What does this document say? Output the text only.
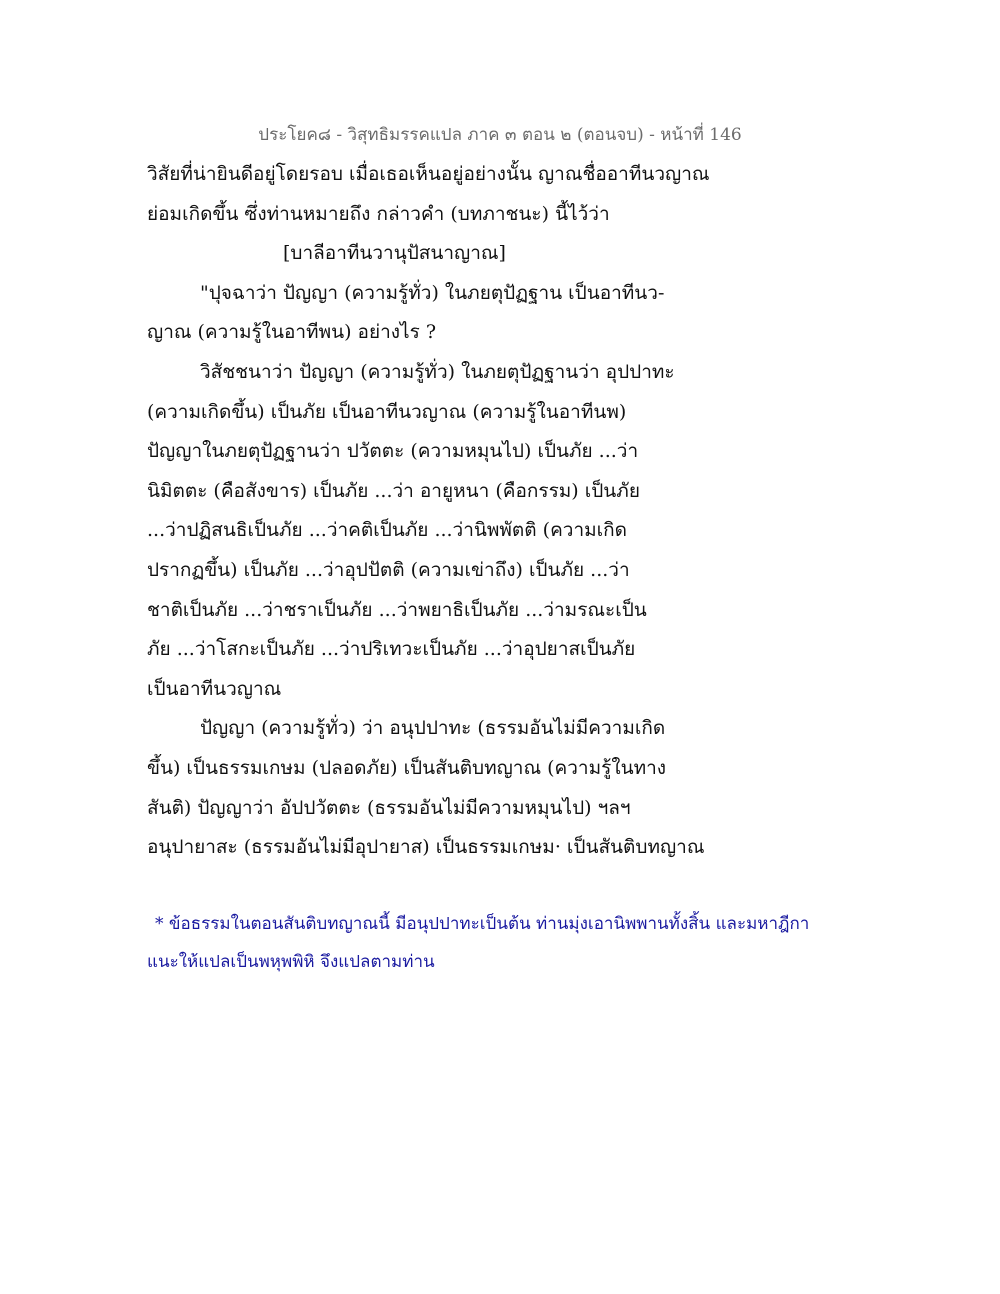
ประโยค๘ - วิสุทธิมรรคแปล ภาค ๓ ตอน ๒ (ตอนจบ) - หน้าที่ 146
วิสัยที่น่ายินดีอยู่โดยรอบ เมื่อเธอเห็นอยู่อย่างนั้น ญาณชื่ออาทีนวญาณ
ย่อมเกิดขึ้น ซึ่งท่านหมายถึง กล่าวคำ (บทภาชนะ) นี้ไว้ว่า
[บาลีอาทีนวานุปัสนาญาณ]
"ปุจฉาว่า ปัญญา (ความรู้ทั่ว) ในภยตุปัฏฐาน เป็นอาทีนว-
ญาณ (ความรู้ในอาทีพน) อย่างไร ?
วิสัชชนาว่า ปัญญา (ความรู้ทั่ว) ในภยตุปัฏฐานว่า อุปปาทะ
(ความเกิดขึ้น) เป็นภัย เป็นอาทีนวญาณ (ความรู้ในอาทีนพ)
ปัญญาในภยตุปัฏฐานว่า ปวัตตะ (ความหมุนไป) เป็นภัย ...ว่า
นิมิตตะ (คือสังขาร) เป็นภัย ...ว่า อายูหนา (คือกรรม) เป็นภัย
...ว่าปฏิสนธิเป็นภัย ...ว่าคติเป็นภัย ...ว่านิพพัตติ (ความเกิด
ปรากฏขึ้น) เป็นภัย ...ว่าอุปปัตติ (ความเข่าถึง) เป็นภัย ...ว่า
ชาติเป็นภัย ...ว่าชราเป็นภัย ...ว่าพยาธิเป็นภัย ...ว่ามรณะเป็น
ภัย ...ว่าโสกะเป็นภัย ...ว่าปริเทวะเป็นภัย ...ว่าอุปยาสเป็นภัย
เป็นอาทีนวญาณ
ปัญญา (ความรู้ทั่ว) ว่า อนุปปาทะ (ธรรมอันไม่มีความเกิด
ขึ้น) เป็นธรรมเกษม (ปลอดภัย) เป็นสันติบทญาณ (ความรู้ในทาง
สันติ) ปัญญาว่า อัปปวัตตะ (ธรรมอันไม่มีความหมุนไป) ฯลฯ
อนุปายาสะ (ธรรมอันไม่มีอุปายาส) เป็นธรรมเกษม· เป็นสันติบทญาณ
* ข้อธรรมในตอนสันติบทญาณนี้ มีอนุปปาทะเป็นต้น ท่านมุ่งเอานิพพานทั้งสิ้น และมหาฎีกา
แนะให้แปลเป็นพหุพพิหิ จึงแปลตามท่าน
